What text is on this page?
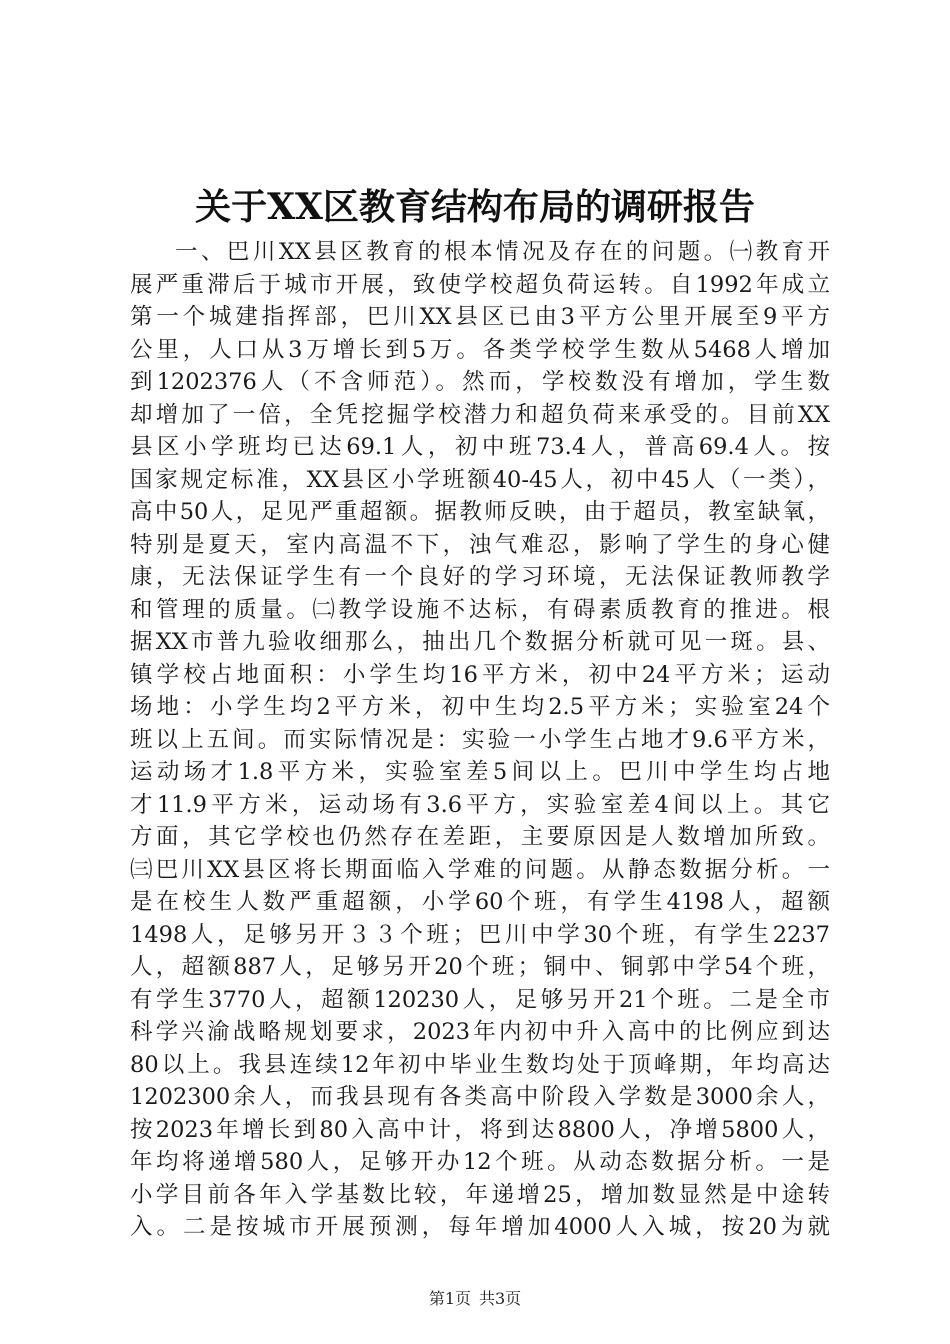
关于XX区教育结构布局的调研报告
一、巴川XX县区教育的根本情况及存在的问题。㈠教育开
展严重滞后于城市开展，致使学校超负荷运转。自1992年成立
第一个城建指挥部，巴川XX县区已由3平方公里开展至9平方
公里，人口从3万增长到5万。各类学校学生数从5468人增加
到1202376人（不含师范）。然而，学校数没有增加，学生数
却增加了一倍，全凭挖掘学校潜力和超负荷来承受的。目前XX
县区小学班均已达69.1人，初中班73.4人，普高69.4人。按
国家规定标准，XX县区小学班额40-45人，初中45人（一类），
高中50人，足见严重超额。据教师反映，由于超员，教室缺氧，
特别是夏天，室内高温不下，浊气难忍，影响了学生的身心健
康，无法保证学生有一个良好的学习环境，无法保证教师教学
和管理的质量。㈡教学设施不达标，有碍素质教育的推进。根
据XX市普九验收细那么，抽出几个数据分析就可见一斑。县、
镇学校占地面积：小学生均16平方米，初中24平方米；运动
场地：小学生均2平方米，初中生均2.5平方米；实验室24个
班以上五间。而实际情况是：实验一小学生占地才9.6平方米，
运动场才1.8平方米，实验室差5间以上。巴川中学生均占地
才11.9平方米，运动场有3.6平方，实验室差4间以上。其它
方面，其它学校也仍然存在差距，主要原因是人数增加所致。
㈢巴川XX县区将长期面临入学难的问题。从静态数据分析。一
是在校生人数严重超额，小学60个班，有学生4198人，超额
1498人，足够另开３３个班；巴川中学30个班，有学生2237
人，超额887人，足够另开20个班；铜中、铜郭中学54个班，
有学生3770人，超额120230人，足够另开21个班。二是全市
科学兴渝战略规划要求，2023年内初中升入高中的比例应到达
80以上。我县连续12年初中毕业生数均处于顶峰期，年均高达
1202300余人，而我县现有各类高中阶段入学数是3000余人，
按2023年增长到80入高中计，将到达8800人，净增5800人，
年均将递增580人，足够开办12个班。从动态数据分析。一是
小学目前各年入学基数比较，年递增25，增加数显然是中途转
入。二是按城市开展预测，每年增加4000人入城，按20为就
第1页 共3页
